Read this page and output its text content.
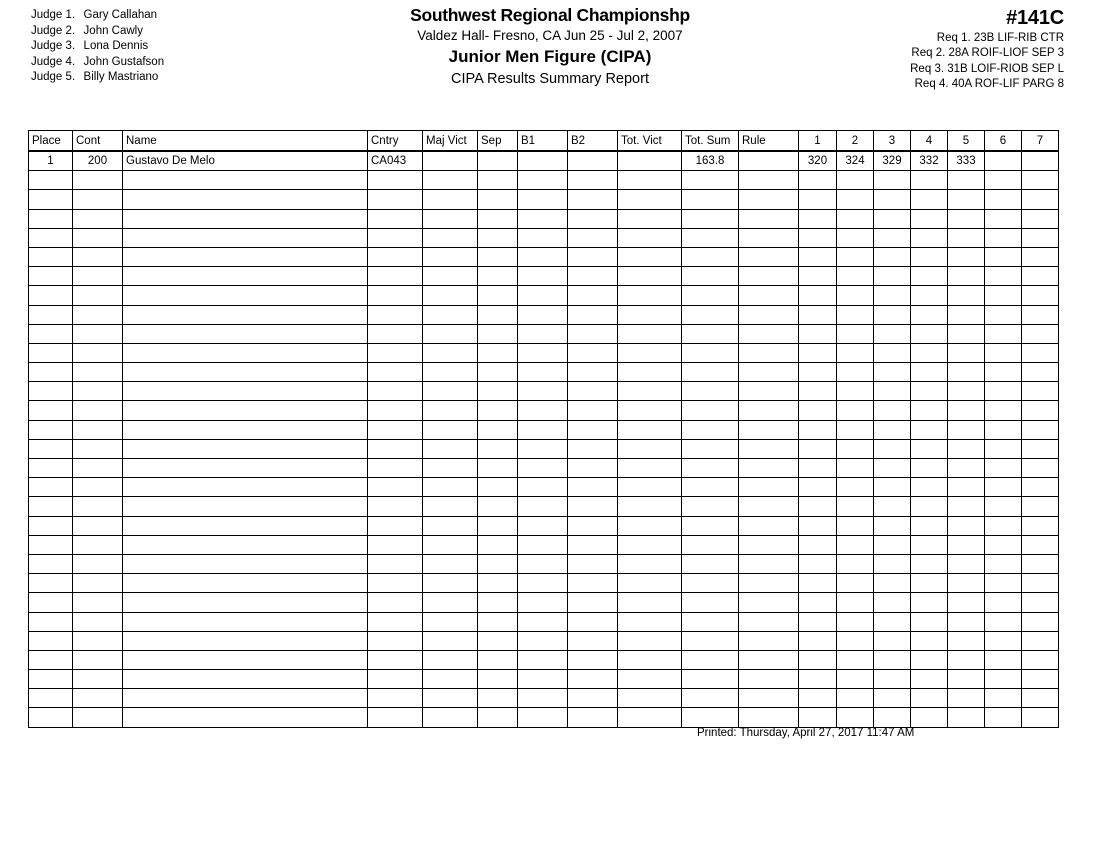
Judge 1. Gary Callahan
Judge 2. John Cawly
Judge 3. Lona Dennis
Judge 4. John Gustafson
Judge 5. Billy Mastriano
Southwest Regional Championshp
Valdez Hall- Fresno, CA Jun 25 - Jul 2, 2007
Junior Men Figure (CIPA)
CIPA Results Summary Report
#141C
Req 1. 23B LIF-RIB CTR
Req 2. 28A ROIF-LIOF SEP 3
Req 3. 31B LOIF-RIOB SEP L
Req 4. 40A ROF-LIF PARG 8
Place	Cont	Name	Cntry	Maj Vict	Sep	B1	B2	Tot. Vict	Tot. Sum	Rule	1	2	3	4	5	6	7
1	200	Gustavo De Melo	CA043						163.8		320	324	329	332	333		

Printed: Thursday, April 27, 2017 11:47 AM
